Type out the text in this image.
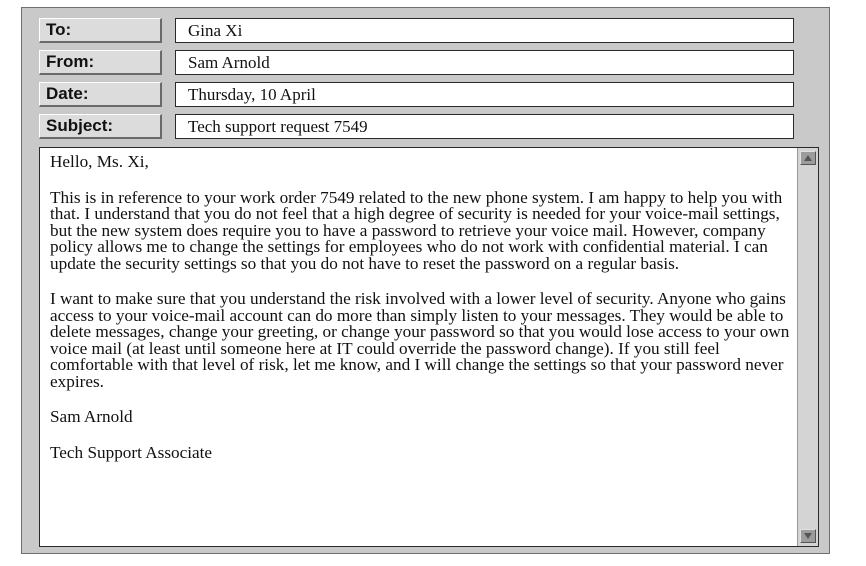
To:	Gina Xi
From:	Sam Arnold
Date:	Thursday, 10 April
Subject:	Tech support request 7549

Hello, Ms. Xi,

This is in reference to your work order 7549 related to the new phone system. I am happy to help you with that. I understand that you do not feel that a high degree of security is needed for your voice-mail settings, but the new system does require you to have a password to retrieve your voice mail. However, company policy allows me to change the settings for employees who do not work with confidential material. I can update the security settings so that you do not have to reset the password on a regular basis.

I want to make sure that you understand the risk involved with a lower level of security. Anyone who gains access to your voice-mail account can do more than simply listen to your messages. They would be able to delete messages, change your greeting, or change your password so that you would lose access to your own voice mail (at least until someone here at IT could override the password change). If you still feel comfortable with that level of risk, let me know, and I will change the settings so that your password never expires.

Sam Arnold

Tech Support Associate
